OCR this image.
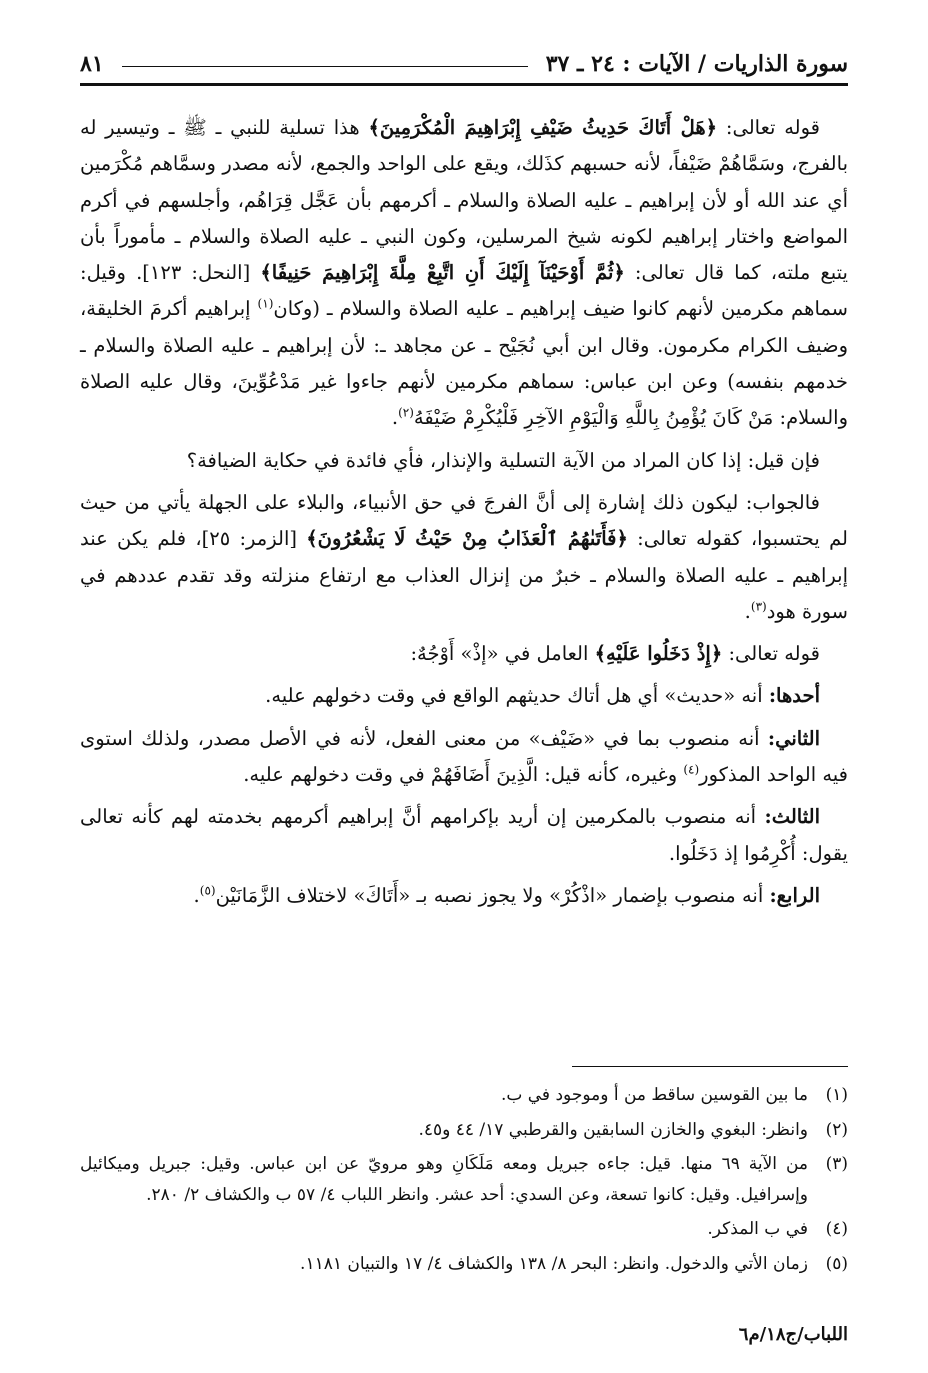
سورة الذاريات / الآيات : ٢٤ ـ ٣٧
٨١

قوله تعالى: ﴿هَلْ أَتَاكَ حَدِيثُ ضَيْفِ إِبْرَاهِيمَ الْمُكْرَمِينَ﴾ هذا تسلية للنبي ـ ﷺ ـ وتيسير له بالفرج، وسَمَّاهُمْ ضَيْفاً، لأنه حسبهم كذَلك، ويقع على الواحد والجمع، لأنه مصدر وسمَّاهم مُكْرَمين أي عند الله أو لأن إبراهيم ـ عليه الصلاة والسلام ـ أكرمهم بأن عَجَّل قِرَاهُم، وأجلسهم في أكرم المواضع واختار إبراهيم لكونه شيخ المرسلين، وكون النبي ـ عليه الصلاة والسلام ـ مأموراً بأن يتبع ملته، كما قال تعالى: ﴿ثُمَّ أَوْحَيْنَآ إِلَيْكَ أَنِ اتَّبِعْ مِلَّةَ إِبْرَاهِيمَ حَنِيفًا﴾ [النحل: ١٢٣]. وقيل: سماهم مكرمين لأنهم كانوا ضيف إبراهيم ـ عليه الصلاة والسلام ـ (وكان$^{(١)}$ إبراهيم أكرمَ الخليقة، وضيف الكرام مكرمون. وقال ابن أبي نُجَيْح ـ عن مجاهد ـ: لأن إبراهيم ـ عليه الصلاة والسلام ـ خدمهم بنفسه) وعن ابن عباس: سماهم مكرمين لأنهم جاءوا غير مَدْعُوِّينَ، وقال عليه الصلاة والسلام: مَنْ كَانَ يُؤْمِنُ بِاللَّهِ وَالْيَوْمِ الآخِرِ فَلْيُكْرِمْ ضَيْفَهُ$^{(٢)}$.

فإن قيل: إذا كان المراد من الآية التسلية والإنذار، فأي فائدة في حكاية الضيافة؟

فالجواب: ليكون ذلك إشارة إلى أنَّ الفرجَ في حق الأنبياء، والبلاء على الجهلة يأتي من حيث لم يحتسبوا، كقوله تعالى: ﴿فَأَتَىٰهُمُ ٱلْعَذَابُ مِنْ حَيْثُ لَا يَشْعُرُونَ﴾ [الزمر: ٢٥]، فلم يكن عند إبراهيم ـ عليه الصلاة والسلام ـ خبرٌ من إنزال العذاب مع ارتفاع منزلته وقد تقدم عددهم في سورة هود$^{(٣)}$.

قوله تعالى: ﴿إِذْ دَخَلُوا عَلَيْهِ﴾ العامل في «إذْ» أَوْجُهٌ:

أحدها: أنه «حديث» أي هل أتاك حديثهم الواقع في وقت دخولهم عليه.

الثاني: أنه منصوب بما في «ضَيْف» من معنى الفعل، لأنه في الأصل مصدر، ولذلك استوى فيه الواحد المذكور$^{(٤)}$ وغيره، كأنه قيل: الَّذِينَ أَضَافَهُمْ في وقت دخولهم عليه.

الثالث: أنه منصوب بالمكرمين إن أريد بإكرامهم أنَّ إبراهيم أكرمهم بخدمته لهم كأنه تعالى يقول: أُكْرِمُوا إذ دَخَلُوا.

الرابع: أنه منصوب بإضمار «اذْكُرْ» ولا يجوز نصبه بـ «أَتَاكَ» لاختلاف الزَّمَانَيْن$^{(٥)}$.

(١)
ما بين القوسين ساقط من أ وموجود في ب.
(٢)
وانظر: البغوي والخازن السابقين والقرطبي ١٧/ ٤٤ و٤٥.
(٣)
من الآية ٦٩ منها. قيل: جاءه جبريل ومعه مَلَكَانِ وهو مرويّ عن ابن عباس. وقيل: جبريل وميكائيل وإسرافيل. وقيل: كانوا تسعة، وعن السدي: أحد عشر. وانظر اللباب ٤/ ٥٧ ب والكشاف ٢/ ٢٨٠.
(٤)
في ب المذكر.
(٥)
زمان الأتي والدخول. وانظر: البحر ٨/ ١٣٨ والكشاف ٤/ ١٧ والتبيان ١١٨١.
اللباب/ج١٨/م٦
